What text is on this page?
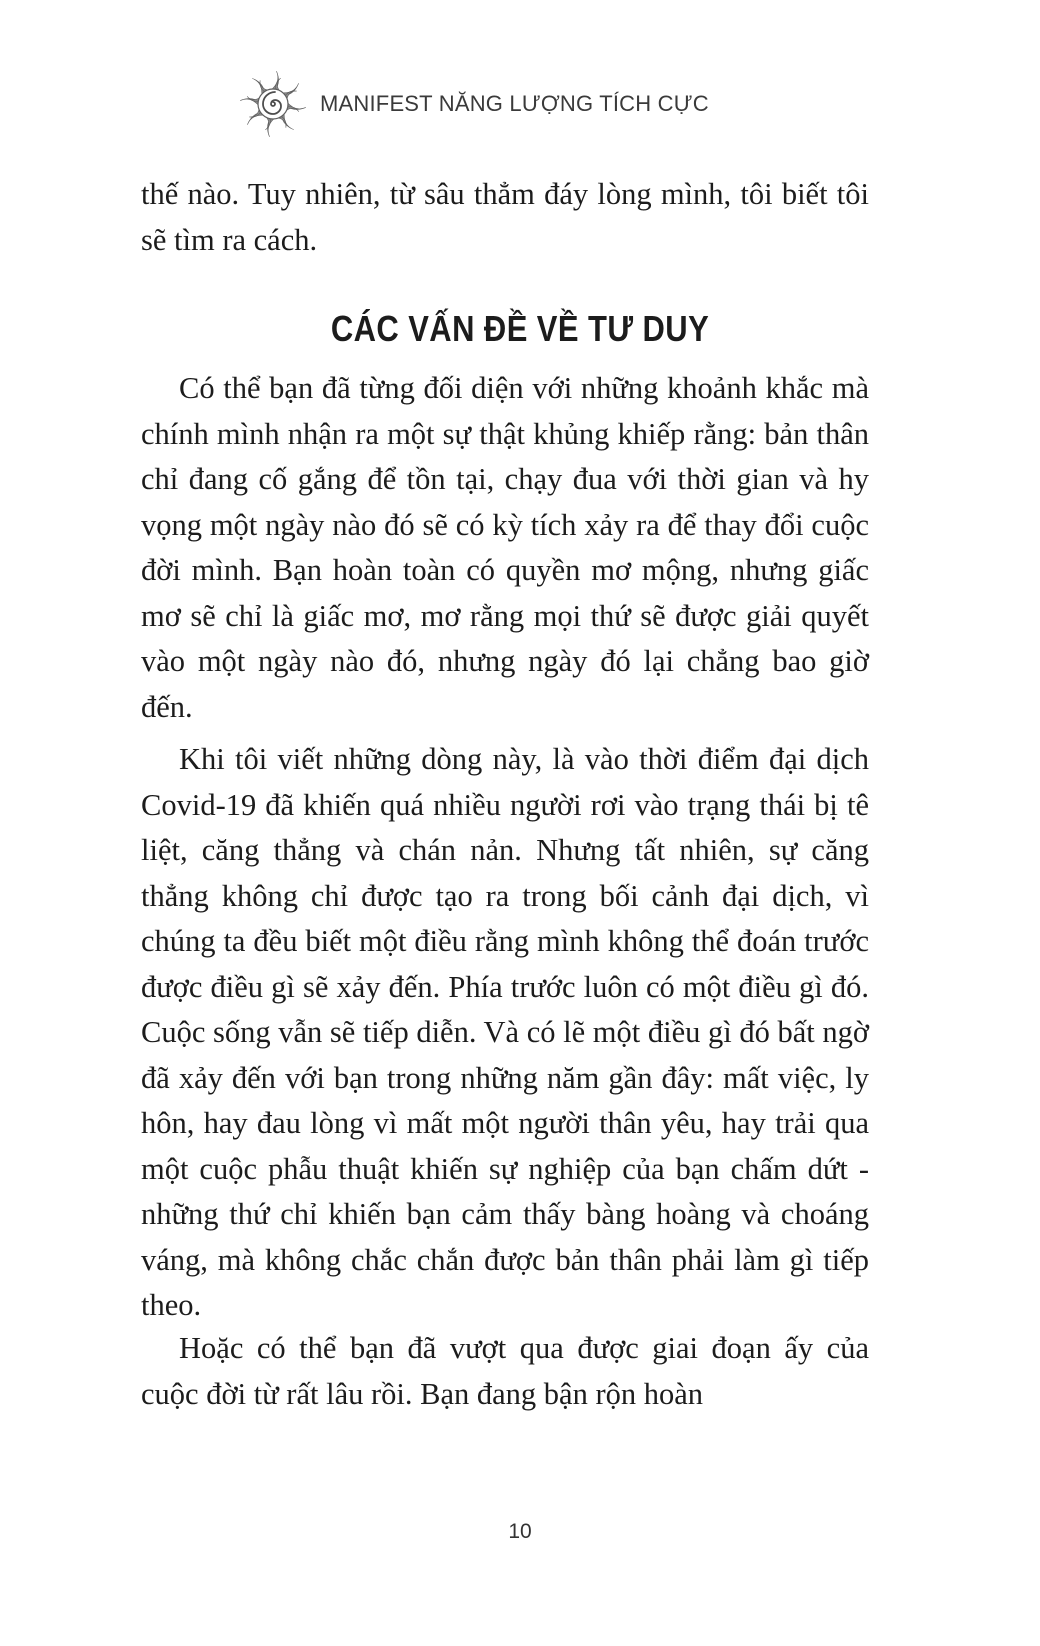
MANIFEST NĂNG LƯỢNG TÍCH CỰC

thế nào. Tuy nhiên, từ sâu thẳm đáy lòng mình, tôi biết tôi sẽ tìm ra cách.

CÁC VẤN ĐỀ VỀ TƯ DUY

Có thể bạn đã từng đối diện với những khoảnh khắc mà chính mình nhận ra một sự thật khủng khiếp rằng: bản thân chỉ đang cố gắng để tồn tại, chạy đua với thời gian và hy vọng một ngày nào đó sẽ có kỳ tích xảy ra để thay đổi cuộc đời mình. Bạn hoàn toàn có quyền mơ mộng, nhưng giấc mơ sẽ chỉ là giấc mơ, mơ rằng mọi thứ sẽ được giải quyết vào một ngày nào đó, nhưng ngày đó lại chẳng bao giờ đến.

Khi tôi viết những dòng này, là vào thời điểm đại dịch Covid-19 đã khiến quá nhiều người rơi vào trạng thái bị tê liệt, căng thẳng và chán nản. Nhưng tất nhiên, sự căng thẳng không chỉ được tạo ra trong bối cảnh đại dịch, vì chúng ta đều biết một điều rằng mình không thể đoán trước được điều gì sẽ xảy đến. Phía trước luôn có một điều gì đó. Cuộc sống vẫn sẽ tiếp diễn. Và có lẽ một điều gì đó bất ngờ đã xảy đến với bạn trong những năm gần đây: mất việc, ly hôn, hay đau lòng vì mất một người thân yêu, hay trải qua một cuộc phẫu thuật khiến sự nghiệp của bạn chấm dứt - những thứ chỉ khiến bạn cảm thấy bàng hoàng và choáng váng, mà không chắc chắn được bản thân phải làm gì tiếp theo.

Hoặc có thể bạn đã vượt qua được giai đoạn ấy của cuộc đời từ rất lâu rồi. Bạn đang bận rộn hoàn

10
